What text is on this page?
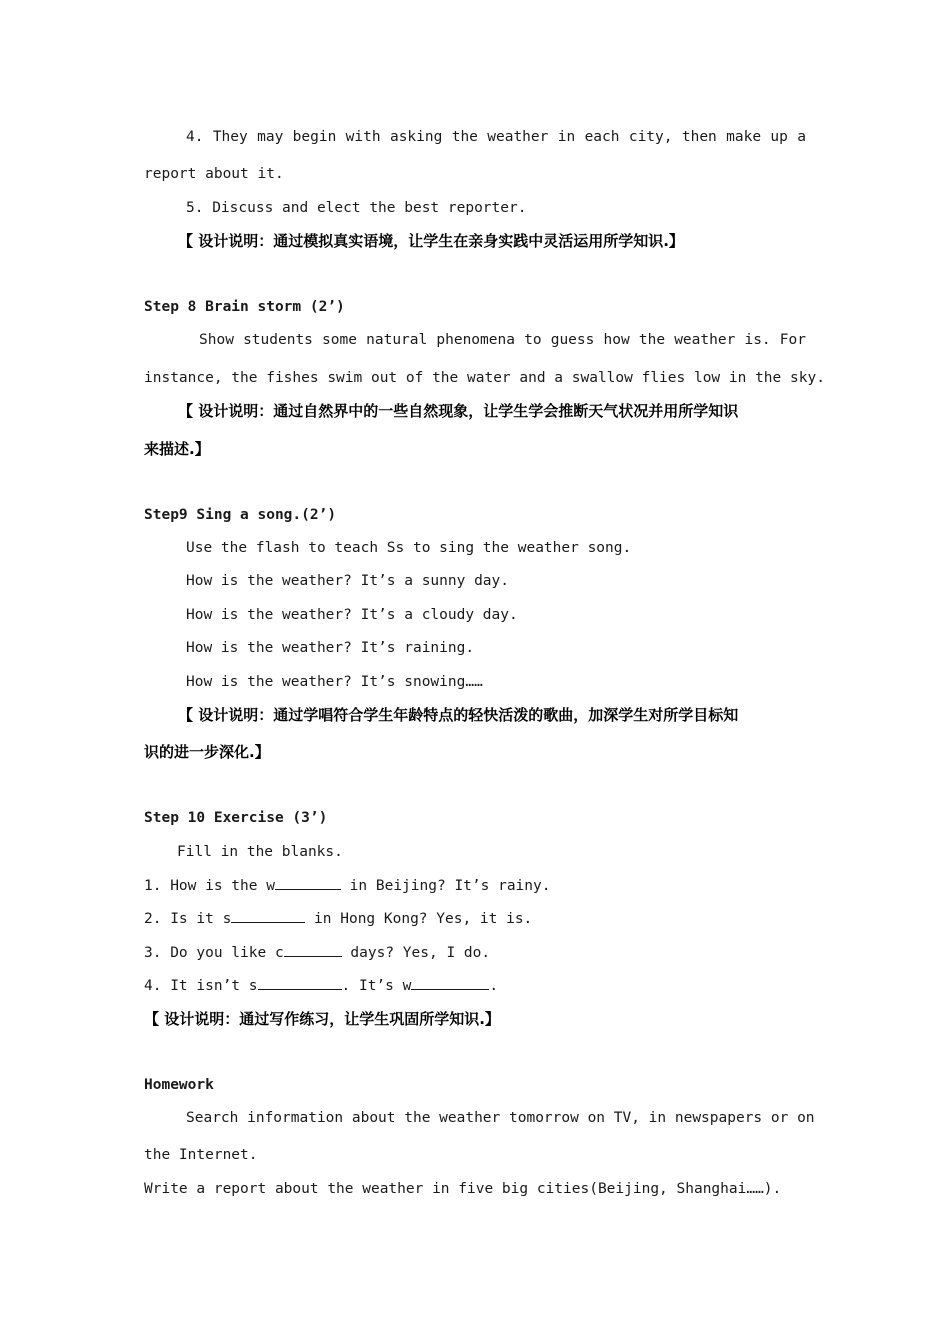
4. They may begin with asking the weather in each city, then make up a
report about it.
5. Discuss and elect the best reporter.
【 设计说明：通过模拟真实语境，让学生在亲身实践中灵活运用所学知识.】
Step 8 Brain storm (2’)
Show students some natural phenomena to guess how the weather is. For
instance, the fishes swim out of the water and a swallow flies low in the sky.
【 设计说明：通过自然界中的一些自然现象，让学生学会推断天气状况并用所学知识
来描述.】
Step9 Sing a song.(2’)
Use the flash to teach Ss to sing the weather song.
How is the weather? It’s a sunny day.
How is the weather? It’s a cloudy day.
How is the weather? It’s raining.
How is the weather? It’s snowing……
【 设计说明：通过学唱符合学生年龄特点的轻快活泼的歌曲，加深学生对所学目标知
识的进一步深化.】
Step 10 Exercise (3’)
Fill in the blanks.
1. How is the w	in Beijing? It’s rainy.
2. Is it s	in Hong Kong? Yes, it is.
3. Do you like c	days? Yes, I do.
4. It isn’t s	. It’s w	.
【 设计说明：通过写作练习，让学生巩固所学知识.】
Homework
Search information about the weather tomorrow on TV, in newspapers or on
the Internet.
Write a report about the weather in five big cities(Beijing, Shanghai……).
